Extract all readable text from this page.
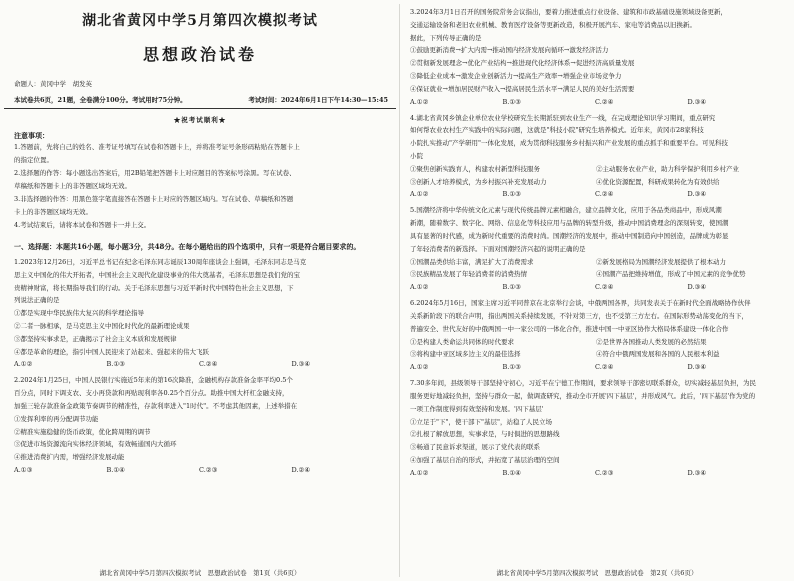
湖北省黄冈中学5月第四次模拟考试
思想政治试卷
命题人：黄冈中学　胡发英
本试卷共6页，21题，全卷满分100分。考试用时75分钟。	考试时间：2024年6月1日下午14:30—15:45
★祝考试顺利★
注意事项：
1.答题前，先将自己的姓名、准考证号填写在试卷和答题卡上，并将准考证号条形码粘贴在答题卡上
的指定位置。
2.选择题的作答：每小题选出答案后，用2B铅笔把答题卡上对应题目的答案标号涂黑。写在试卷、
草稿纸和答题卡上的非答题区域均无效。
3.非选择题的作答：用黑色签字笔直接答在答题卡上对应的答题区域内。写在试卷、草稿纸和答题
卡上的非答题区域均无效。
4.考试结束后，请将本试卷和答题卡一并上交。
一、选择题：本题共16小题，每小题3分，共48分。在每小题给出的四个选项中，只有一项是符合题目要求的。
1.2023年12月26日，习近平总书记在纪念毛泽东同志诞辰130周年座谈会上强调，毛泽东同志是马克
思主义中国化的伟大开拓者，中国社会主义现代化建设事业的伟大奠基者，毛泽东思想是我们党的宝
贵精神财富，将长期指导我们的行动。关于毛泽东思想与习近平新时代中国特色社会主义思想，下
列说法正确的是
①都是实现中华民族伟大复兴的科学理论指导
②二者一脉相承，是马克思主义中国化时代化的最新理论成果
③都坚持实事求是，正确揭示了社会主义本质和发展规律
④都是革命的理论，指引中国人民迎来了站起来、强起来的伟大飞跃
A.①②	B.①③	C.②④	D.③④
2.2024年1月25日，中国人民银行实施近5年来的第16次降准，金融机构存款准备金率平均0.5个
百分点，同时下调支农、支小再贷款和再贴现利率各0.25个百分点。助推中国大杆杠金融支持，
加强三轮存款准备金政策节奏调节的精准性，存款利率进入"1时代"。不考虑其他因素，上述举措在
①发挥利率的再分配调节功能
②精准实施稳健的货币政策，优化跨周期的调节
③促进市场资源流向实体经济领域，有效畅通国内大循环
④推进消费扩内需，增强经济发展动能
A.①③	B.①④	C.②③	D.②④
湖北省黄冈中学5月第四次模拟考试　思想政治试卷　第1页（共6页）
3.2024年3月1日召开的国务院常务会议指出，要着力推进重点行业设备、建筑和市政基础设施领域设备更新，
交通运输设备和老旧农业机械、教育医疗设备等更新改造，积极开展汽车、家电等消费品以旧换新。
据此，下列传导正确的是
①鼓励更新消费→扩大内需→推动国内经济发展向循环→激发经济活力
②贯彻新发展理念→优化产业结构→推进现代化经济体系→促进经济高质量发展
③降低企业成本→激发企业创新活力→提高生产效率→增强企业市场竞争力
④保证就业→增加居民财产收入→提高居民生活水平→满足人民的美好生活需要
A.①②	B.①③	C.②④	D.③④
4.湖北省黄冈乡镇企业单位农业学校研究生长期派驻到农业生产一线，在完成理论知识学习期间，重点研究
如何帮农业农村生产实践中的实际问题，这就是"科技小院"研究生培养模式。近年来，黄冈市28家科技
小院扎实推动"产学研用"一体化发展，成为贯彻科技服务乡村振兴和产业发展的重点抓手和重要平台。可见科技
小院
①聚焦创新实践育人，构建农村新型科技服务	②主动服务农业产业，助力科学保护利用乡村产业
③创新人才培养模式，为乡村振兴补充发展动力	④优化资源配置，科研成果转化为有效供给
A.①②	B.①③	C.②④	D.③④
5.国潮经济将中华传统文化元素与现代传统品牌元素相融合，建立品牌文化，应用于各品类商品中，形成风潮
新潮，随着数字、数字化、网络、信息化等科技应用与品牌的转型升级，推动中国消费理念的深刻转变，使国潮
具有显著的时代感，成为新时代重要的消费时尚。国潮经济的发展中，推动中国制造向中国创造，品牌成为彰显
了年轻消费者的新选择。下面对国潮经济兴起的说明正确的是
①国潮品类供给丰富，满足扩大了消费需求	②新发展格局为国潮经济发展提供了根本动力
③民族精品发展了年轻消费者的消费热情	④国潮产品把维持增值，形成了中国元素的竞争优势
A.①②	B.①③	C.②④	D.③④
6.2024年5月16日，国家主席习近平同普京在北京举行会谈，中俄两国各界，共同发表关于在新时代全面战略协作伙伴
关系新阶段下的联合声明，指出两国关系持续发展，不针对第三方，也不受第三方左右。在国际形势动荡变化的当下，
普遍安全、世代友好的中俄两国一中一家公司的一体化合作，推进中国一中亚区协作大格局体系建设一体化合作
①是构建人类命运共同体的时代要求	②是世界各国推动人类发展的必然结果
③将构建中亚区域多边主义的最佳选择	④符合中俄两国发展和各国的人民根本利益
A.①②	B.①③	C.②④	D.③④
7.30多年间，县级领导干部坚持守初心，习近平在宁德工作期间，要求领导干部密切联系群众，切实减轻基层负担，为民
服务更好地减轻负担，坚持与群众一起，做调查研究，推动全市开展'四下基层'，并形成风气。此后，'四下基层'作为党的
一项工作制度得到有效坚持和发展。'四下基层'
①立足于"下"，使干部下"基层"，站稳了人民立场
②扎根了解放思想，实事求是，与时俱进的思想路线
③畅通了民意诉求渠道，展示了党代表的联系
④加强了基层自治的形式，并拓宽了基层治理的空间
A.①②	B.①④	C.②③	D.③④
湖北省黄冈中学5月第四次模拟考试　思想政治试卷　第2页（共6页）
